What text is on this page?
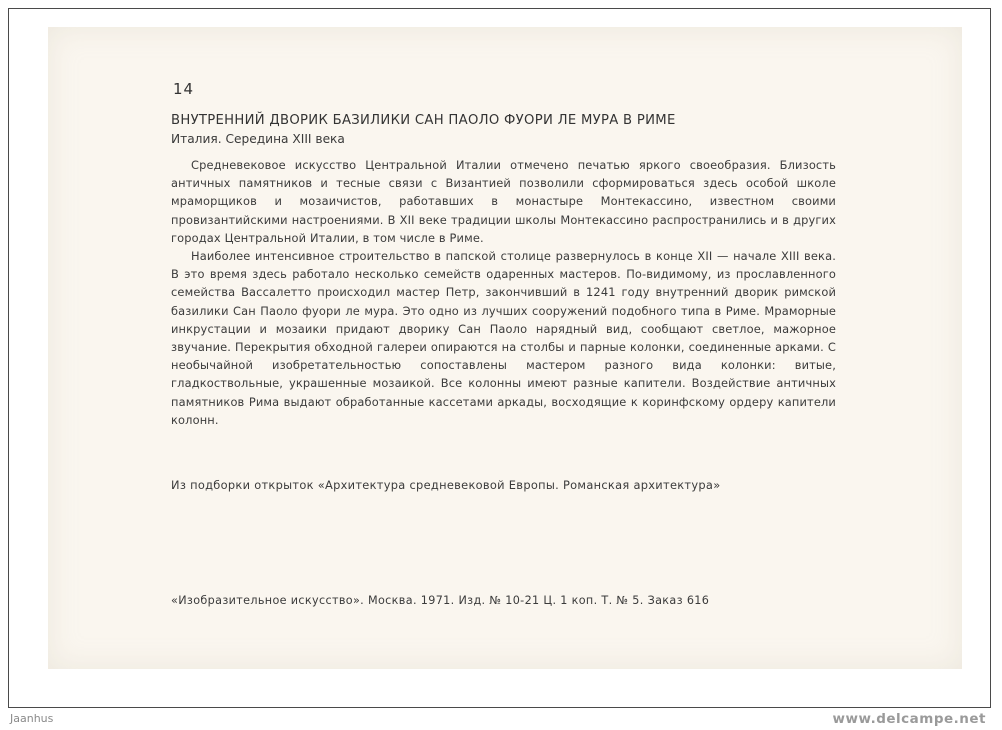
14
ВНУТРЕННИЙ ДВОРИК БАЗИЛИКИ САН ПАОЛО ФУОРИ ЛЕ МУРА В РИМЕ
Италия. Середина XIII века

Средневековое искусство Центральной Италии отмечено печатью яркого своеобразия. Близость античных памятников и тесные связи с Византией позволили сформироваться здесь особой школе мраморщиков и мозаичистов, работавших в монастыре Монтекассино, известном своими провизантийскими настроениями. В XII веке традиции школы Монтекассино распространились и в других городах Центральной Италии, в том числе в Риме.

Наиболее интенсивное строительство в папской столице развернулось в конце XII — начале XIII века. В это время здесь работало несколько семейств одаренных мастеров. По-видимому, из прославленного семейства Вассалетто происходил мастер Петр, закончивший в 1241 году внутренний дворик римской базилики Сан Паоло фуори ле мура. Это одно из лучших сооружений подобного типа в Риме. Мраморные инкрустации и мозаики придают дворику Сан Паоло нарядный вид, сообщают светлое, мажорное звучание. Перекрытия обходной галереи опираются на столбы и парные колонки, соединенные арками. С необычайной изобретательностью сопоставлены мастером разного вида колонки: витые, гладкоствольные, украшенные мозаикой. Все колонны имеют разные капители. Воздействие античных памятников Рима выдают обработанные кассетами аркады, восходящие к коринфскому ордеру капители колонн.

Из подборки открыток «Архитектура средневековой Европы. Романская архитектура»
«Изобразительное искусство». Москва. 1971. Изд. № 10-21 Ц. 1 коп. Т. № 5. Заказ 616
Jaanhus	www.delcampe.net
